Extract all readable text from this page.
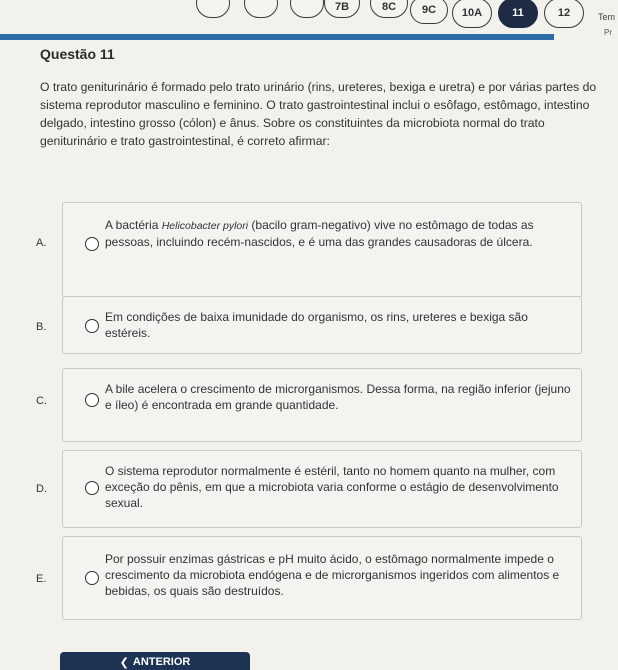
7B	8C 9C 10A	11	12	Tem
Pr
Questão 11
O trato geniturinário é formado pelo trato urinário (rins, ureteres, bexiga e uretra) e por várias partes do sistema reprodutor masculino e feminino. O trato gastrointestinal inclui o esôfago, estômago, intestino delgado, intestino grosso (cólon) e ânus. Sobre os constituintes da microbiota normal do trato geniturinário e trato gastrointestinal, é correto afirmar:
A.
A bactéria Helicobacter pylori (bacilo gram-negativo) vive no estômago de todas as pessoas, incluindo recém-nascidos, e é uma das grandes causadoras de úlcera.
B.
Em condições de baixa imunidade do organismo, os rins, ureteres e bexiga são estéreis.
C.
A bile acelera o crescimento de microrganismos. Dessa forma, na região inferior (jejuno e íleo) é encontrada em grande quantidade.
D.
O sistema reprodutor normalmente é estéril, tanto no homem quanto na mulher, com exceção do pênis, em que a microbiota varia conforme o estágio de desenvolvimento sexual.
E.
Por possuir enzimas gástricas e pH muito ácido, o estômago normalmente impede o crescimento da microbiota endógena e de microrganismos ingeridos com alimentos e bebidas, os quais são destruídos.
❮ ANTERIOR
